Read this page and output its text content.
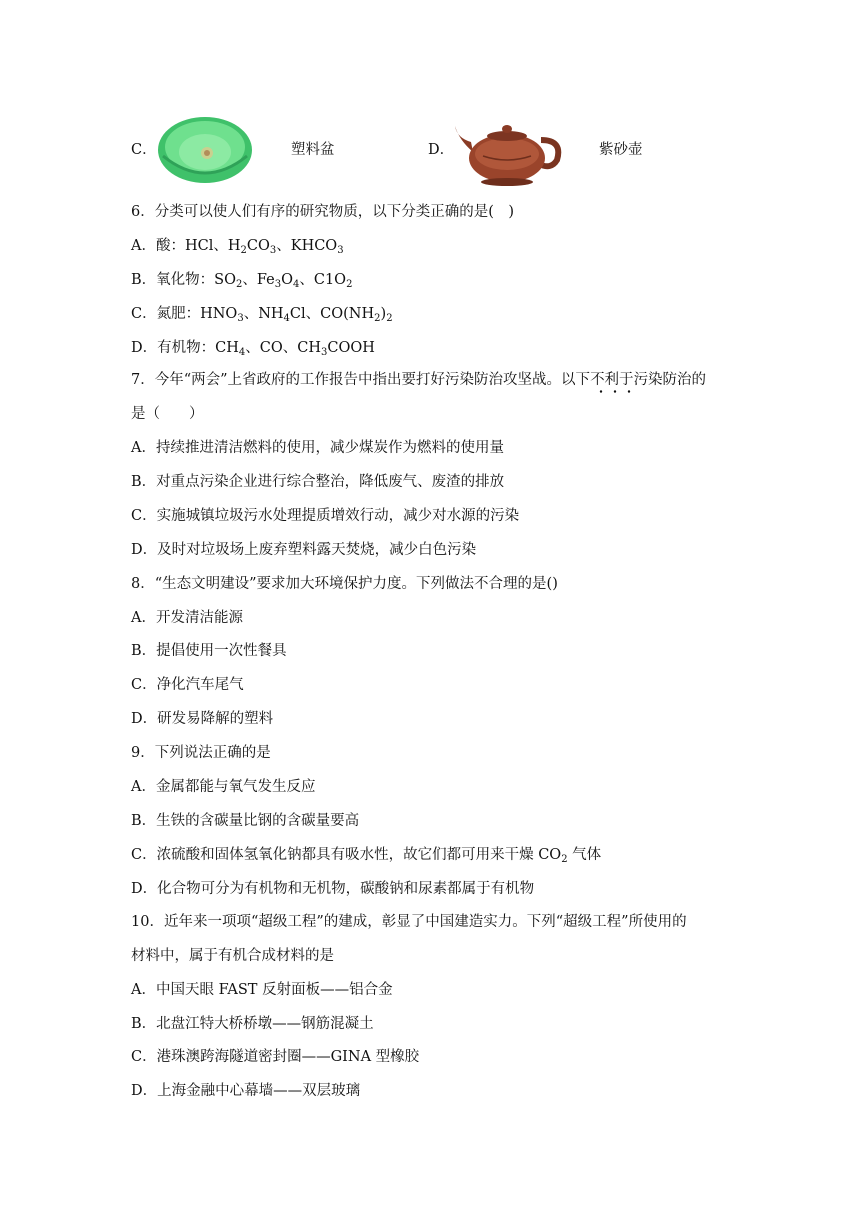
C．	塑料盆	D．	紫砂壶
6．分类可以使人们有序的研究物质，以下分类正确的是(　)
A．酸：HCl、$H_2CO_3$、$KHCO_3$
B．氧化物：$SO_2$、$Fe_3O_4$、$C1O_2$
C．氮肥：$HNO_3$、$NH_4Cl$、$CO(NH_2)_2$
D．有机物：$CH_4$、CO、$CH_3COOH$
7．今年“两会”上省政府的工作报告中指出要打好污染防治攻坚战。以下不利于污染防治的
是（　　）
A．持续推进清洁燃料的使用，减少煤炭作为燃料的使用量
B．对重点污染企业进行综合整治，降低废气、废渣的排放
C．实施城镇垃圾污水处理提质增效行动，减少对水源的污染
D．及时对垃圾场上废弃塑料露天焚烧，减少白色污染
8．“生态文明建设”要求加大环境保护力度。下列做法不合理的是()
A．开发清洁能源
B．提倡使用一次性餐具
C．净化汽车尾气
D．研发易降解的塑料
9．下列说法正确的是
A．金属都能与氧气发生反应
B．生铁的含碳量比钢的含碳量要高
C．浓硫酸和固体氢氧化钠都具有吸水性，故它们都可用来干燥 $CO_2$ 气体
D．化合物可分为有机物和无机物，碳酸钠和尿素都属于有机物
10．近年来一项项“超级工程”的建成，彰显了中国建造实力。下列“超级工程”所使用的
材料中，属于有机合成材料的是
A．中国天眼 FAST 反射面板——铝合金
B．北盘江特大桥桥墩——钢筋混凝土
C．港珠澳跨海隧道密封圈——GINA 型橡胶
D．上海金融中心幕墙——双层玻璃
